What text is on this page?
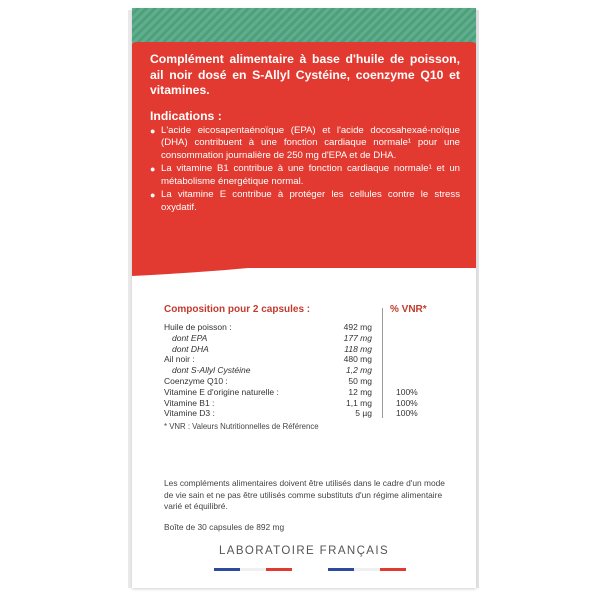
Complément alimentaire à base d'huile de poisson, ail noir dosé en S-Allyl Cystéine, coenzyme Q10 et vitamines.

Indications :

● L'acide eicosapentaénoïque (EPA) et l'acide docosahexaé-noïque (DHA) contribuent à une fonction cardiaque normale¹ pour une consommation journalière de 250 mg d'EPA et de DHA.
● La vitamine B1 contribue à une fonction cardiaque normale¹ et un métabolisme énergétique normal.
● La vitamine E contribue à protéger les cellules contre le stress oxydatif.
Composition pour 2 capsules :	% VNR*
Huile de poisson :	492 mg
dont EPA	177 mg
dont DHA	118 mg
Ail noir :	480 mg
dont S-Allyl Cystéine	1,2 mg
Coenzyme Q10 :	50 mg
Vitamine E d'origine naturelle :	12 mg	100%
Vitamine B1 :	1,1 mg	100%
Vitamine D3 :	5 µg	100%
* VNR : Valeurs Nutritionnelles de Référence
Les compléments alimentaires doivent être utilisés dans le cadre d'un mode de vie sain et ne pas être utilisés comme substituts d'un régime alimentaire varié et équilibré.
Boîte de 30 capsules de 892 mg
LABORATOIRE FRANÇAIS
